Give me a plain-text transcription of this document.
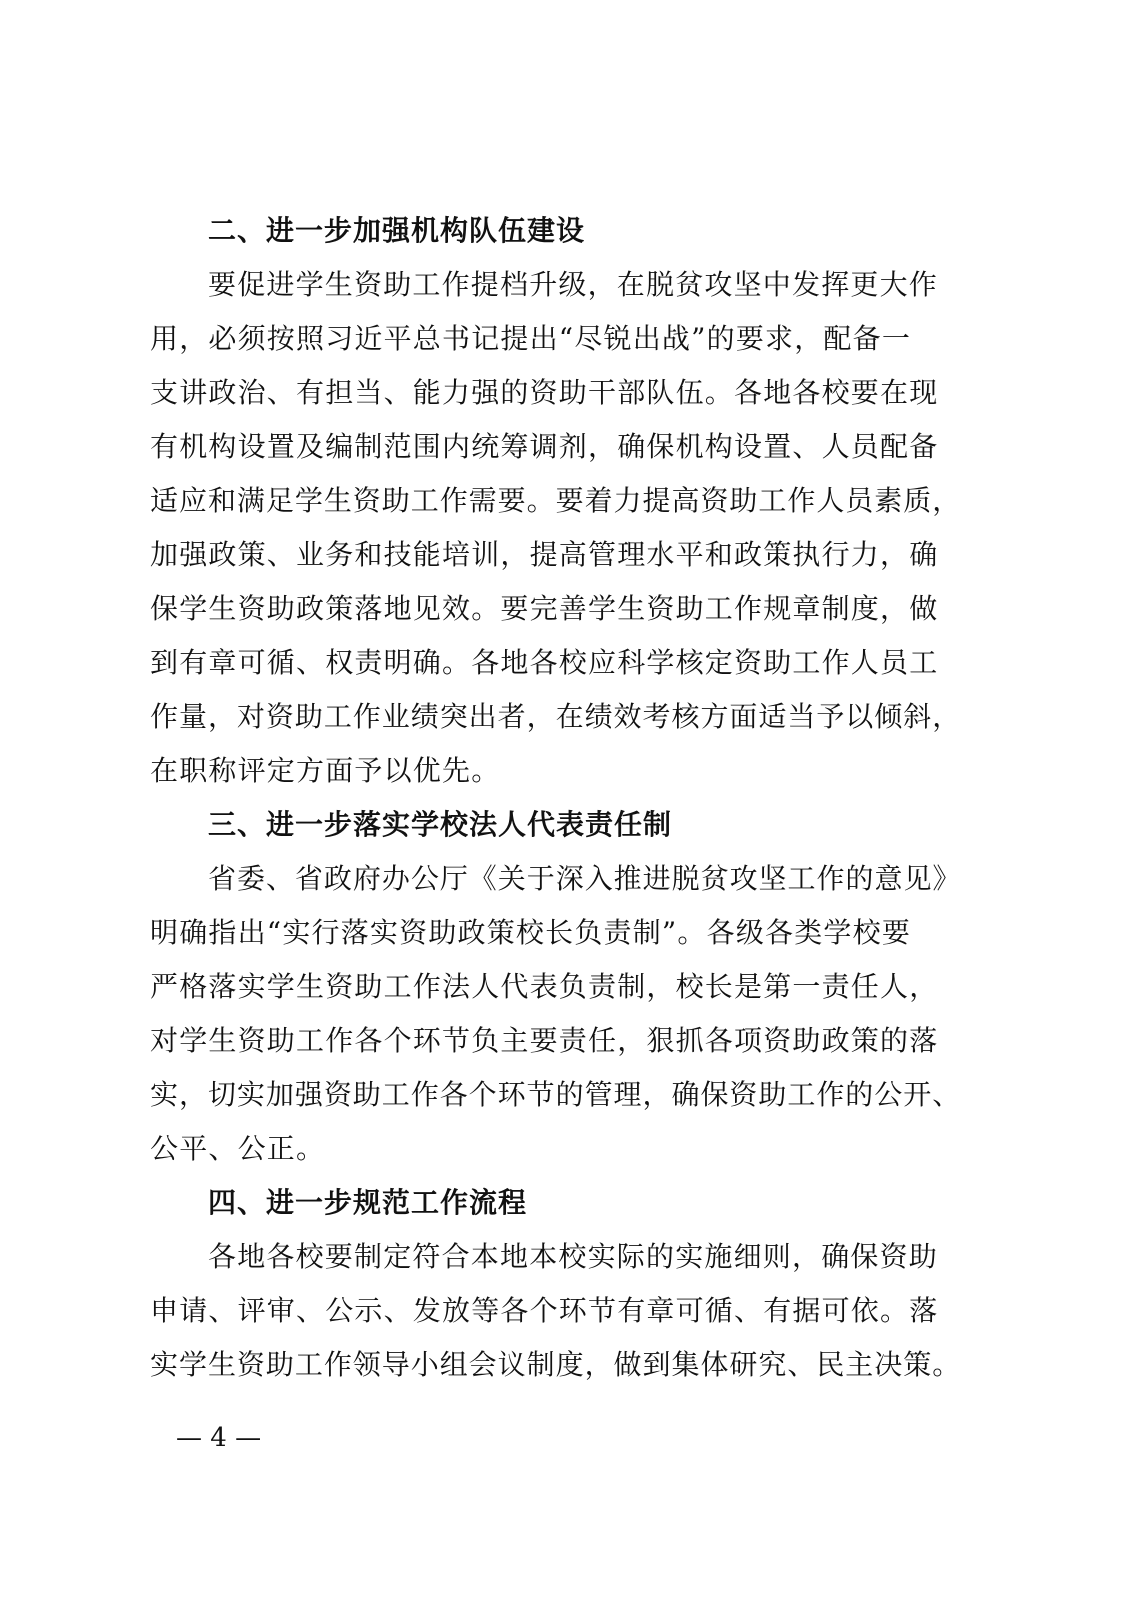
二、进一步加强机构队伍建设

要促进学生资助工作提档升级，在脱贫攻坚中发挥更大作
用，必须按照习近平总书记提出“尽锐出战”的要求，配备一
支讲政治、有担当、能力强的资助干部队伍。各地各校要在现
有机构设置及编制范围内统筹调剂，确保机构设置、人员配备
适应和满足学生资助工作需要。要着力提高资助工作人员素质，
加强政策、业务和技能培训，提高管理水平和政策执行力，确
保学生资助政策落地见效。要完善学生资助工作规章制度，做
到有章可循、权责明确。各地各校应科学核定资助工作人员工
作量，对资助工作业绩突出者，在绩效考核方面适当予以倾斜，
在职称评定方面予以优先。

三、进一步落实学校法人代表责任制

省委、省政府办公厅《关于深入推进脱贫攻坚工作的意见》
明确指出“实行落实资助政策校长负责制”。各级各类学校要
严格落实学生资助工作法人代表负责制，校长是第一责任人，
对学生资助工作各个环节负主要责任，狠抓各项资助政策的落
实，切实加强资助工作各个环节的管理，确保资助工作的公开、
公平、公正。

四、进一步规范工作流程

各地各校要制定符合本地本校实际的实施细则，确保资助
申请、评审、公示、发放等各个环节有章可循、有据可依。落
实学生资助工作领导小组会议制度，做到集体研究、民主决策。

— 4 —
